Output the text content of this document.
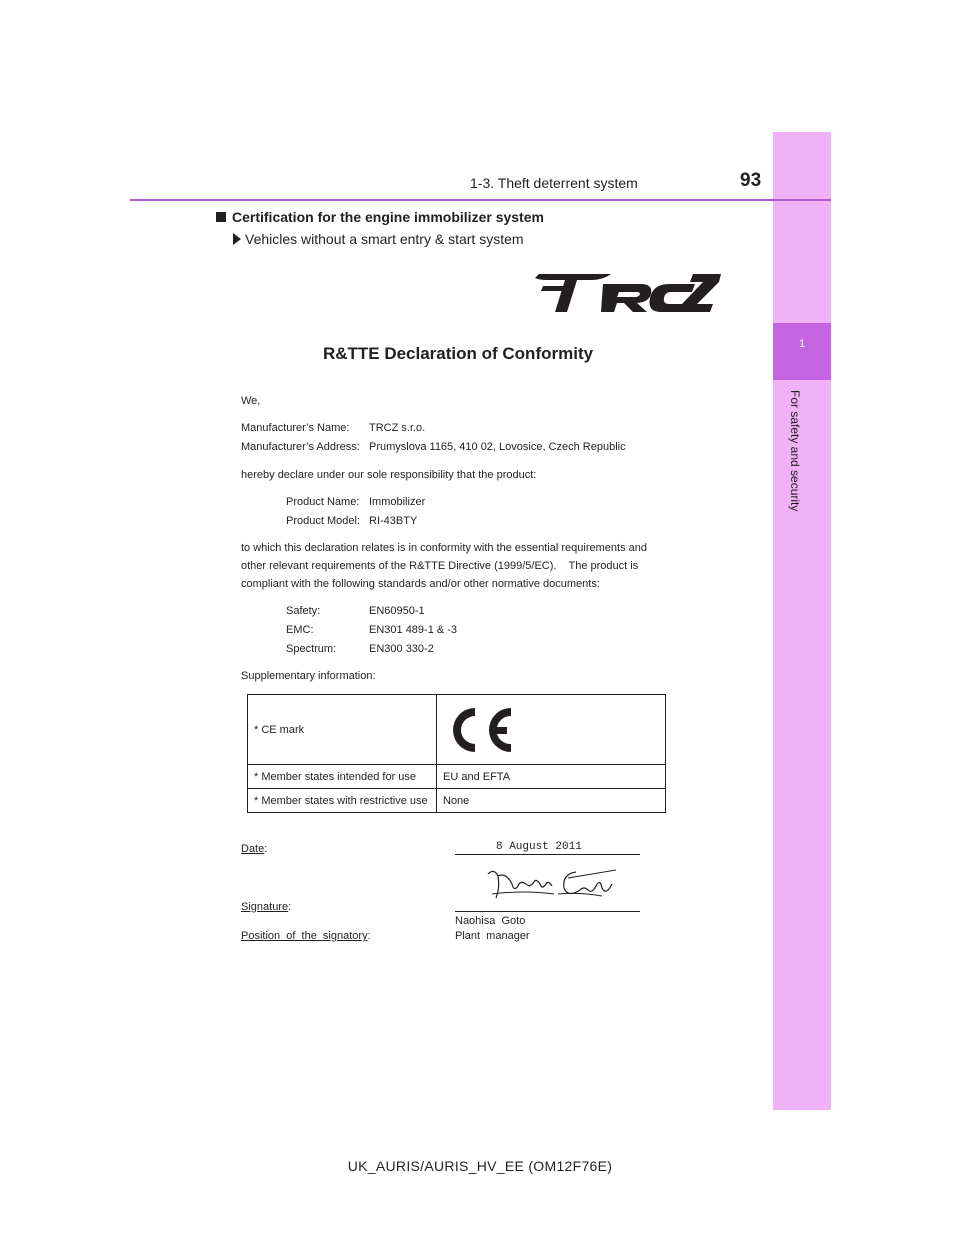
1
For safety and security
1-3. Theft deterrent system	93
Certification for the engine immobilizer system
Vehicles without a smart entry & start system
R&TTE Declaration of Conformity
We,
Manufacturer’s Name:	TRCZ s.r.o.
Manufacturer’s Address: Prumyslova 1165, 410 02, Lovosice, Czech Republic
hereby declare under our sole responsibility that the product:
Product Name: Immobilizer
Product Model: RI-43BTY
to which this declaration relates is in conformity with the essential requirements and
other relevant requirements of the R&TTE Directive (1999/5/EC).    The product is
compliant with the following standards and/or other normative documents:
Safety:	EN60950-1
EMC:	EN301 489-1 & -3
Spectrum:	EN300 330-2
Supplementary information:
* CE mark	

* Member states intended for use	EU and EFTA
* Member states with restrictive use	None
Date:	8 August 2011
Signature:
Naohisa  Goto
Position  of  the  signatory:	Plant  manager
UK_AURIS/AURIS_HV_EE (OM12F76E)
